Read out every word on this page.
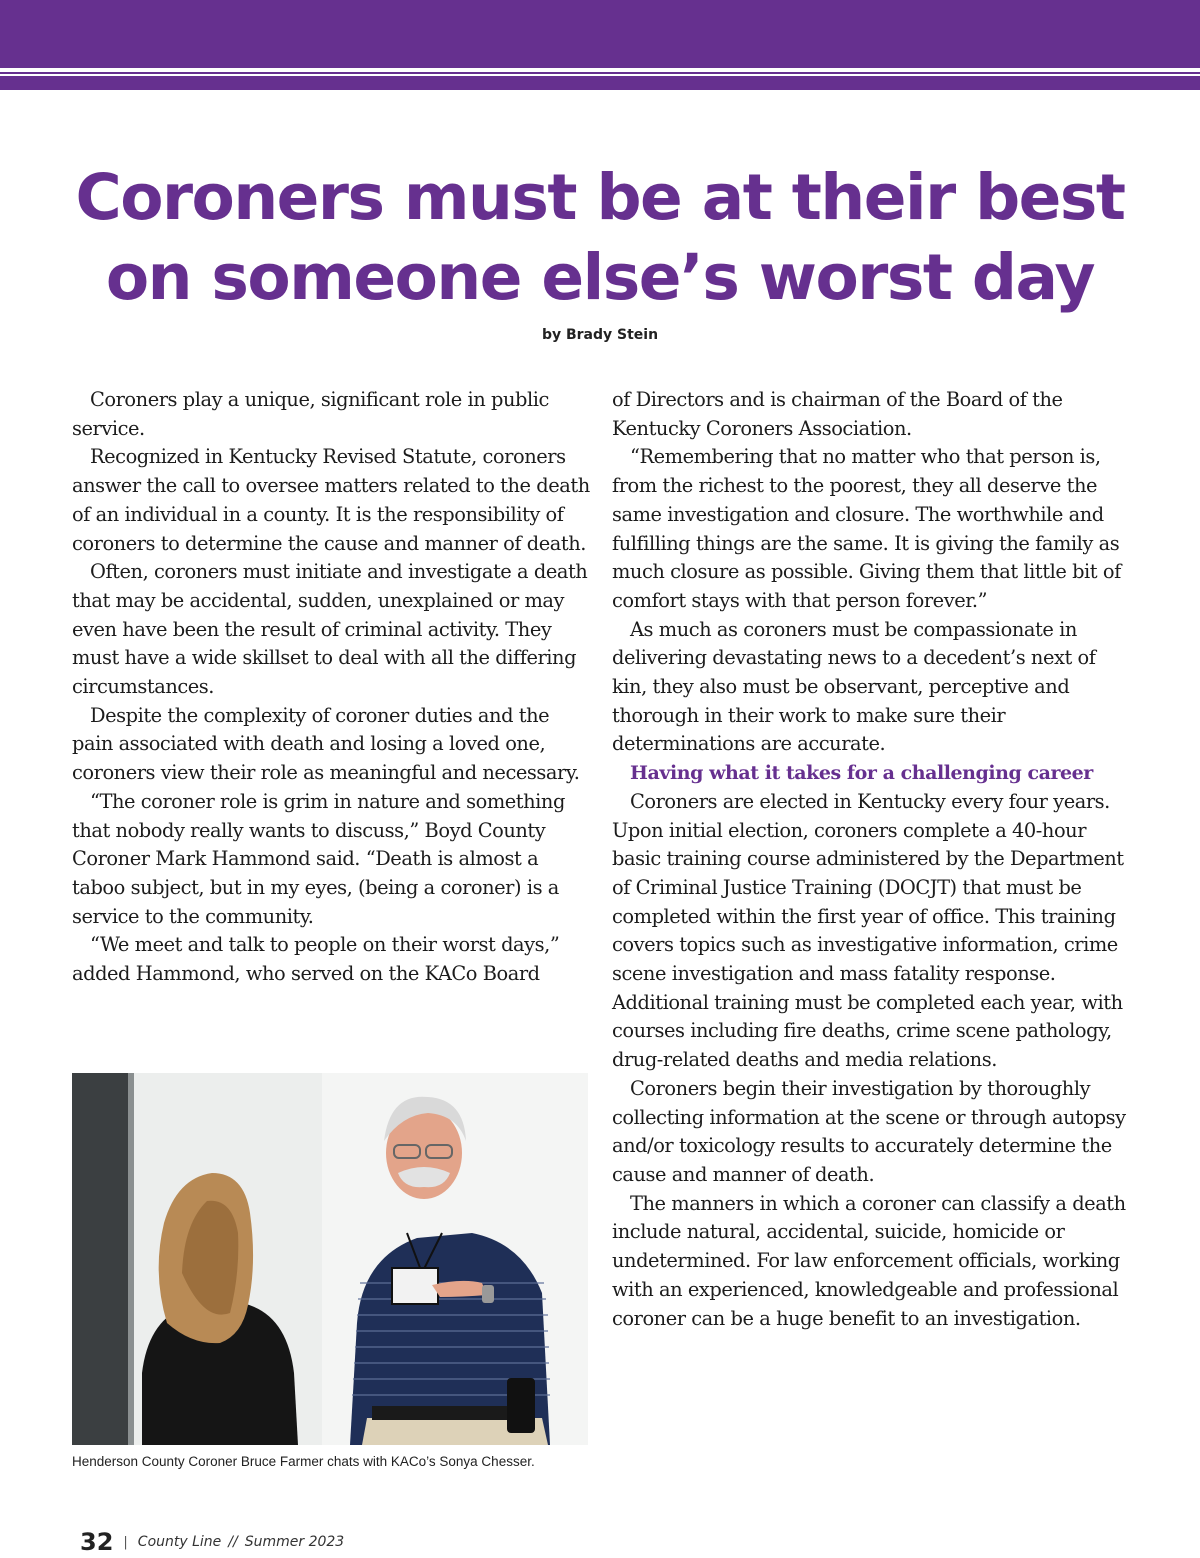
Coroners must be at their best
on someone else’s worst day
by Brady Stein

Coroners play a unique, significant role in public service.

Recognized in Kentucky Revised Statute, coroners answer the call to oversee matters related to the death of an individual in a county. It is the responsibility of coroners to determine the cause and manner of death.

Often, coroners must initiate and investigate a death that may be accidental, sudden, unexplained or may even have been the result of criminal activity. They must have a wide skillset to deal with all the differing circumstances.

Despite the complexity of coroner duties and the pain associated with death and losing a loved one, coroners view their role as meaningful and necessary.

“The coroner role is grim in nature and something that nobody really wants to discuss,” Boyd County Coroner Mark Hammond said. “Death is almost a taboo subject, but in my eyes, (being a coroner) is a service to the community.

“We meet and talk to people on their worst days,” added Hammond, who served on the KACo Board

Henderson County Coroner Bruce Farmer chats with KACo’s Sonya Chesser.

of Directors and is chairman of the Board of the Kentucky Coroners Association.

“Remembering that no matter who that person is, from the richest to the poorest, they all deserve the same investigation and closure. The worthwhile and fulfilling things are the same. It is giving the family as much closure as possible. Giving them that little bit of comfort stays with that person forever.”

As much as coroners must be compassionate in delivering devastating news to a decedent’s next of kin, they also must be observant, perceptive and thorough in their work to make sure their determinations are accurate.

Having what it takes for a challenging career

Coroners are elected in Kentucky every four years. Upon initial election, coroners complete a 40-hour basic training course administered by the Department of Criminal Justice Training (DOCJT) that must be completed within the first year of office. This training covers topics such as investigative information, crime scene investigation and mass fatality response. Additional training must be completed each year, with courses including fire deaths, crime scene pathology, drug-related deaths and media relations.

Coroners begin their investigation by thoroughly collecting information at the scene or through autopsy and/or toxicology results to accurately determine the cause and manner of death.

The manners in which a coroner can classify a death include natural, accidental, suicide, homicide or undetermined. For law enforcement officials, working with an experienced, knowledgeable and professional coroner can be a huge benefit to an investigation.

32 | County Line // Summer 2023
